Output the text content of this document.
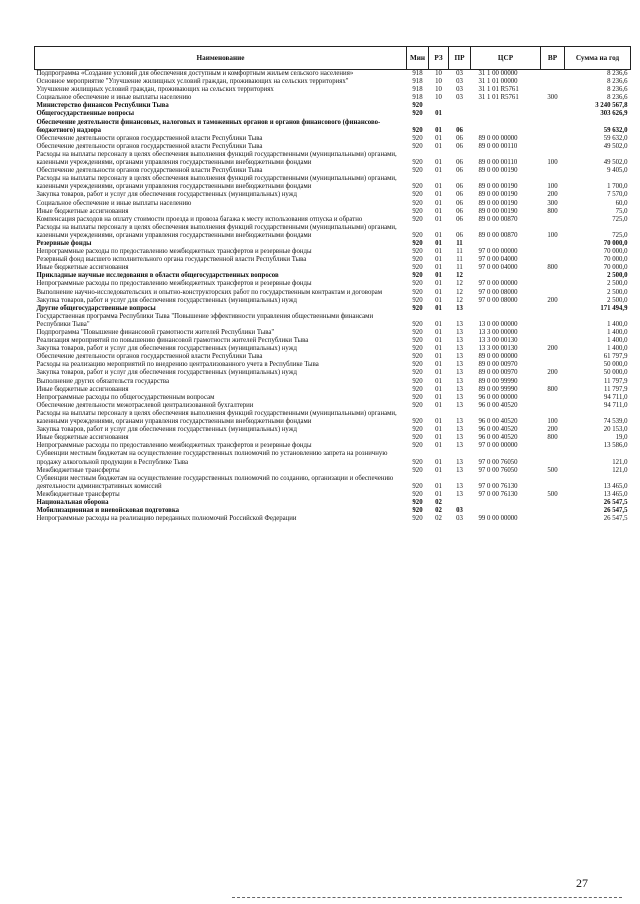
Наименование	Мин	РЗ	ПР	ЦСР	ВР	Сумма на год
Подпрограмма «Создание условий для обеспечения доступным и комфортным жильем сельского населения»	918	10	03	31 1 00 00000		8 236,6
Основное мероприятие "Улучшение жилищных условий граждан, проживающих на сельских территориях"	918	10	03	31 1 01 00000		8 236,6
Улучшение жилищных условий граждан, проживающих на сельских территориях	918	10	03	31 1 01 R5761		8 236,6
Социальное обеспечение и иные выплаты населению	918	10	03	31 1 01 R5761	300	8 236,6
Министерство финансов Республики Тыва	920					3 240 567,8
Общегосударственные вопросы	920	01				303 626,9
Обеспечение деятельности финансовых, налоговых и таможенных органов и органов финансового (финансово-бюджетного) надзора	920	01	06			59 632,0
Обеспечение деятельности органов государственной власти Республики Тыва	920	01	06	89 0 00 00000		59 632,0
Обеспечение деятельности органов государственной власти Республики Тыва	920	01	06	89 0 00 00110		49 502,0
Расходы на выплаты персоналу в целях обеспечения выполнения функций государственными (муниципальными) органами, казенными учреждениями, органами управления государственными внебюджетными фондами	920	01	06	89 0 00 00110	100	49 502,0
Обеспечение деятельности органов государственной власти Республики Тыва	920	01	06	89 0 00 00190		9 405,0
Расходы на выплаты персоналу в целях обеспечения выполнения функций государственными (муниципальными) органами, казенными учреждениями, органами управления государственными внебюджетными фондами	920	01	06	89 0 00 00190	100	1 700,0
Закупка товаров, работ и услуг для обеспечения государственных (муниципальных) нужд	920	01	06	89 0 00 00190	200	7 570,0
Социальное обеспечение и иные выплаты населению	920	01	06	89 0 00 00190	300	60,0
Иные бюджетные ассигнования	920	01	06	89 0 00 00190	800	75,0
Компенсация расходов на оплату стоимости проезда и провоза багажа к месту использования отпуска и обратно	920	01	06	89 0 00 00870		725,0
Расходы на выплаты персоналу в целях обеспечения выполнения функций государственными (муниципальными) органами, казенными учреждениями, органами управления государственными внебюджетными фондами	920	01	06	89 0 00 00870	100	725,0
Резервные фонды	920	01	11			70 000,0
Непрограммные расходы по предоставлению межбюджетных трансфертов и резервные фонды	920	01	11	97 0 00 00000		70 000,0
Резервный фонд высшего исполнительного органа государственной власти Республики Тыва	920	01	11	97 0 00 04000		70 000,0
Иные бюджетные ассигнования	920	01	11	97 0 00 04000	800	70 000,0
Прикладные научные исследования в области общегосударственных вопросов	920	01	12			2 500,0
Непрограммные расходы по предоставлению межбюджетных трансфертов и резервные фонды	920	01	12	97 0 00 00000		2 500,0
Выполнение научно-исследовательских и опытно-конструкторских работ по государственным контрактам и договорам	920	01	12	97 0 00 08000		2 500,0
Закупка товаров, работ и услуг для обеспечения государственных (муниципальных) нужд	920	01	12	97 0 00 08000	200	2 500,0
Другие общегосударственные вопросы	920	01	13			171 494,9
Государственная программа Республики Тыва "Повышение эффективности управления общественными финансами Республики Тыва"	920	01	13	13 0 00 00000		1 400,0
Подпрограмма "Повышение финансовой грамотности жителей Республики Тыва"	920	01	13	13 3 00 00000		1 400,0
Реализация мероприятий по повышению финансовой грамотности жителей Республики Тыва	920	01	13	13 3 00 00130		1 400,0
Закупка товаров, работ и услуг для обеспечения государственных (муниципальных) нужд	920	01	13	13 3 00 00130	200	1 400,0
Обеспечение деятельности органов государственной власти Республики Тыва	920	01	13	89 0 00 00000		61 797,9
Расходы на реализацию мероприятий по внедрению централизованного учета в Республике Тыва	920	01	13	89 0 00 00970		50 000,0
Закупка товаров, работ и услуг для обеспечения государственных (муниципальных) нужд	920	01	13	89 0 00 00970	200	50 000,0
Выполнение других обязательств государства	920	01	13	89 0 00 99990		11 797,9
Иные бюджетные ассигнования	920	01	13	89 0 00 99990	800	11 797,9
Непрограммные расходы по общегосударственным вопросам	920	01	13	96 0 00 00000		94 711,0
Обеспечение деятельности межотраслевой централизованной бухгалтерии	920	01	13	96 0 00 40520		94 711,0
Расходы на выплаты персоналу в целях обеспечения выполнения функций государственными (муниципальными) органами, казенными учреждениями, органами управления государственными внебюджетными фондами	920	01	13	96 0 00 40520	100	74 539,0
Закупка товаров, работ и услуг для обеспечения государственных (муниципальных) нужд	920	01	13	96 0 00 40520	200	20 153,0
Иные бюджетные ассигнования	920	01	13	96 0 00 40520	800	19,0
Непрограммные расходы по предоставлению межбюджетных трансфертов и резервные фонды	920	01	13	97 0 00 00000		13 586,0
Субвенции местным бюджетам на осуществление государственных полномочий по установлению запрета на розничную продажу алкогольной продукции в Республике Тыва	920	01	13	97 0 00 76050		121,0
Межбюджетные трансферты	920	01	13	97 0 00 76050	500	121,0
Субвенции местным бюджетам на осуществление государственных полномочий по созданию, организации и обеспечению деятельности административных комиссий	920	01	13	97 0 00 76130		13 465,0
Межбюджетные трансферты	920	01	13	97 0 00 76130	500	13 465,0
Национальная оборона	920	02				26 547,5
Мобилизационная и вневойсковая подготовка	920	02	03			26 547,5
Непрограммные расходы на реализацию переданных полномочий Российской Федерации	920	02	03	99 0 00 00000		26 547,5
27
